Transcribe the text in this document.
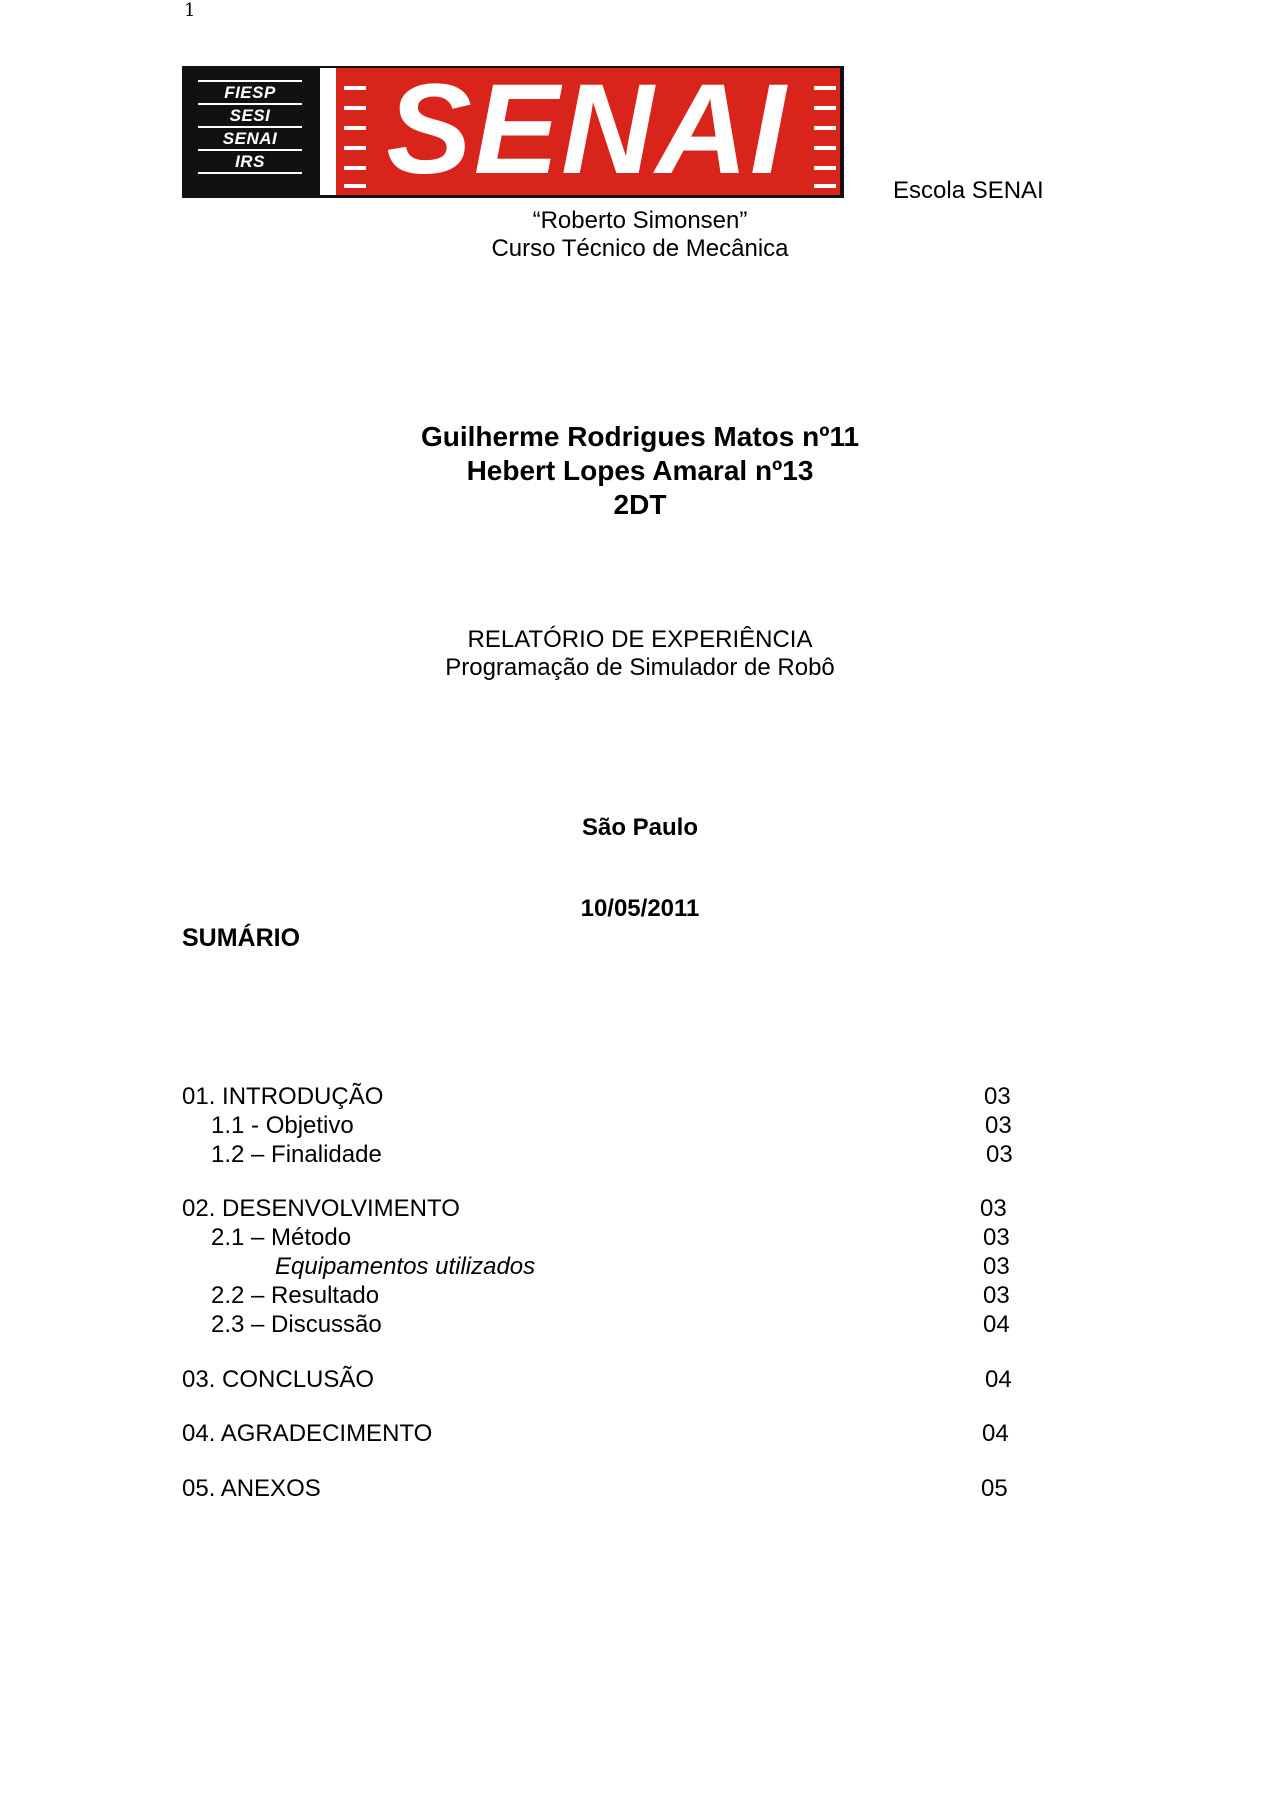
1
FIESP
SESI
SENAI
IRS SENAI	Escola SENAI
“Roberto Simonsen”
Curso Técnico de Mecânica
Guilherme Rodrigues Matos nº11
Hebert Lopes Amaral nº13
2DT
RELATÓRIO DE EXPERIÊNCIA
Programação de Simulador de Robô
São Paulo
10/05/2011
SUMÁRIO
01. INTRODUÇÃO	03
1.1 - Objetivo	03
1.2 – Finalidade	03
02. DESENVOLVIMENTO	03
2.1 – Método	03
Equipamentos utilizados	03
2.2 – Resultado	03
2.3 – Discussão	04
03. CONCLUSÃO	04
04. AGRADECIMENTO	04
05. ANEXOS	05
